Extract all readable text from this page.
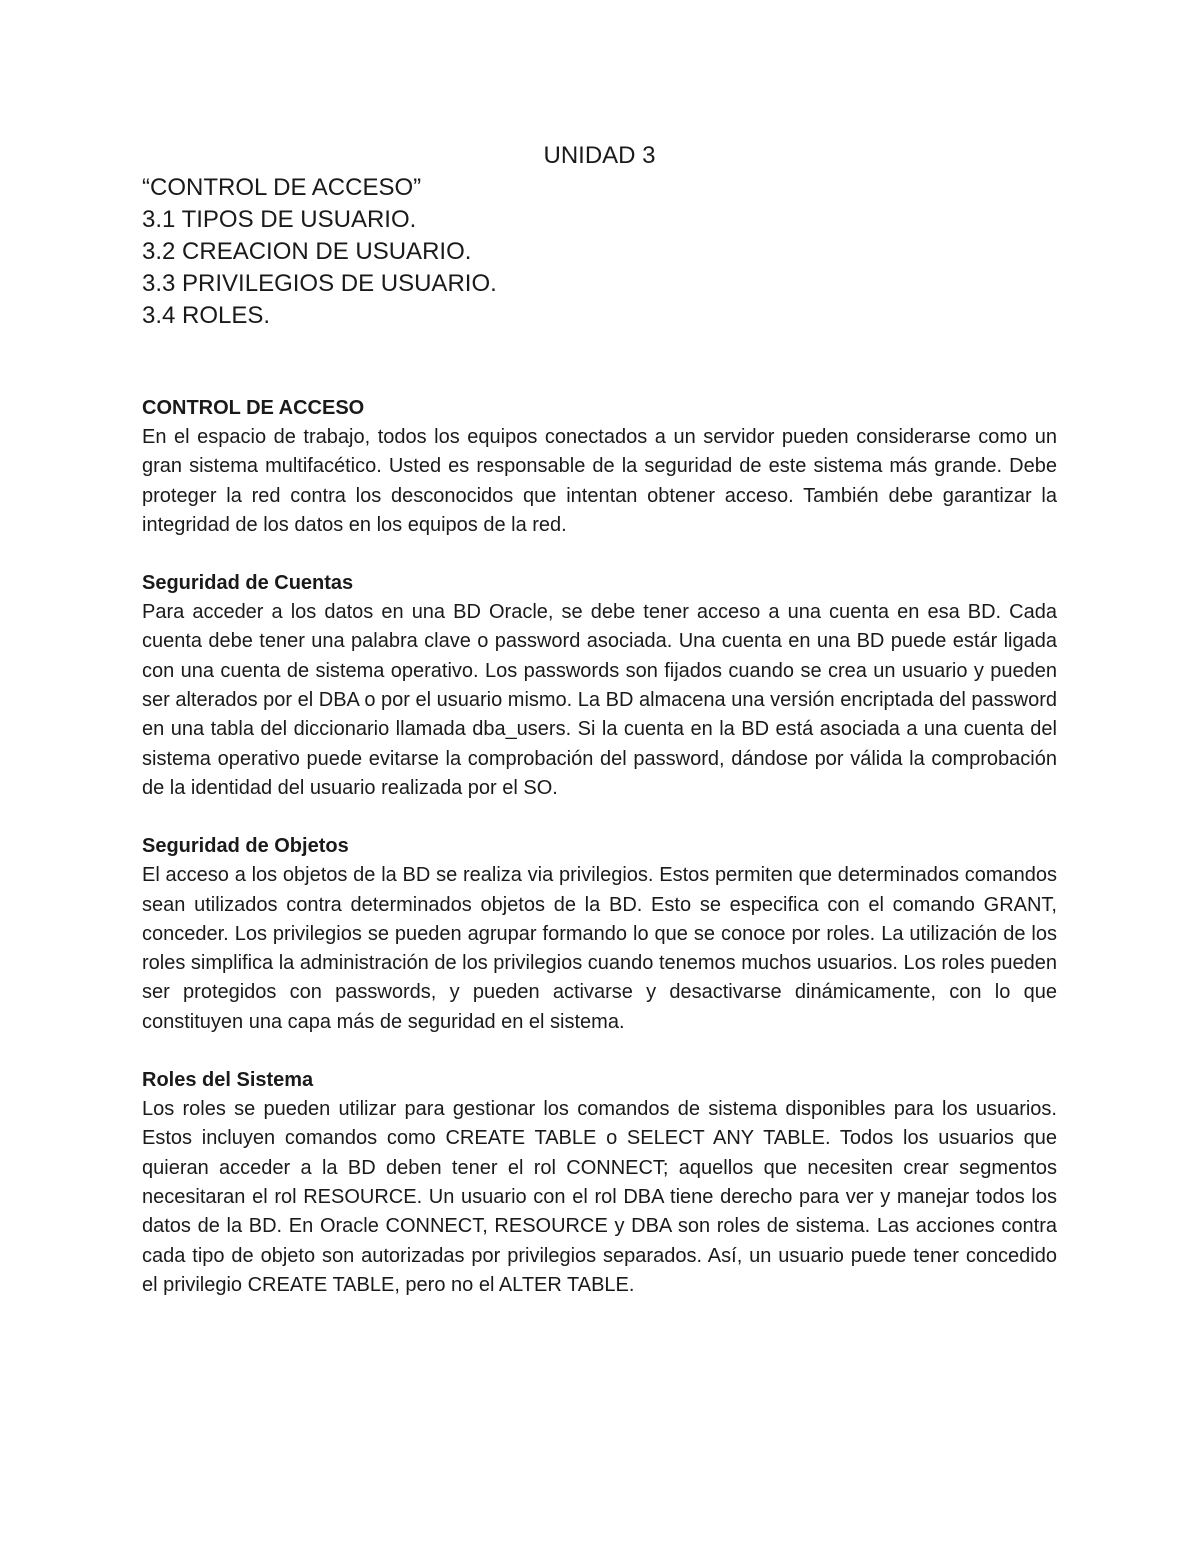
UNIDAD 3

“CONTROL DE ACCESO”

3.1 TIPOS DE USUARIO.

3.2 CREACION DE USUARIO.

3.3 PRIVILEGIOS DE USUARIO.

3.4 ROLES.

CONTROL DE ACCESO

En el espacio de trabajo, todos los equipos conectados a un servidor pueden considerarse como un gran sistema multifacético. Usted es responsable de la seguridad de este sistema más grande. Debe proteger la red contra los desconocidos que intentan obtener acceso. También debe garantizar la integridad de los datos en los equipos de la red.

Seguridad de Cuentas

Para acceder a los datos en una BD Oracle, se debe tener acceso a una cuenta en esa BD. Cada cuenta debe tener una palabra clave o password asociada. Una cuenta en una BD puede estár ligada con una cuenta de sistema operativo. Los passwords son fijados cuando se crea un usuario y pueden ser alterados por el DBA o por el usuario mismo. La BD almacena una versión encriptada del password en una tabla del diccionario llamada dba_users. Si la cuenta en la BD está asociada a una cuenta del sistema operativo puede evitarse la comprobación del password, dándose por válida la comprobación de la identidad del usuario realizada por el SO.

Seguridad de Objetos

El acceso a los objetos de la BD se realiza via privilegios. Estos permiten que determinados comandos sean utilizados contra determinados objetos de la BD. Esto se especifica con el comando GRANT, conceder. Los privilegios se pueden agrupar formando lo que se conoce por roles. La utilización de los roles simplifica la administración de los privilegios cuando tenemos muchos usuarios. Los roles pueden ser protegidos con passwords, y pueden activarse y desactivarse dinámicamente, con lo que constituyen una capa más de seguridad en el sistema.

Roles del Sistema

Los roles se pueden utilizar para gestionar los comandos de sistema disponibles para los usuarios. Estos incluyen comandos como CREATE TABLE o SELECT ANY TABLE. Todos los usuarios que quieran acceder a la BD deben tener el rol CONNECT; aquellos que necesiten crear segmentos necesitaran el rol RESOURCE. Un usuario con el rol DBA tiene derecho para ver y manejar todos los datos de la BD. En Oracle CONNECT, RESOURCE y DBA son roles de sistema. Las acciones contra cada tipo de objeto son autorizadas por privilegios separados. Así, un usuario puede tener concedido el privilegio CREATE TABLE, pero no el ALTER TABLE.
